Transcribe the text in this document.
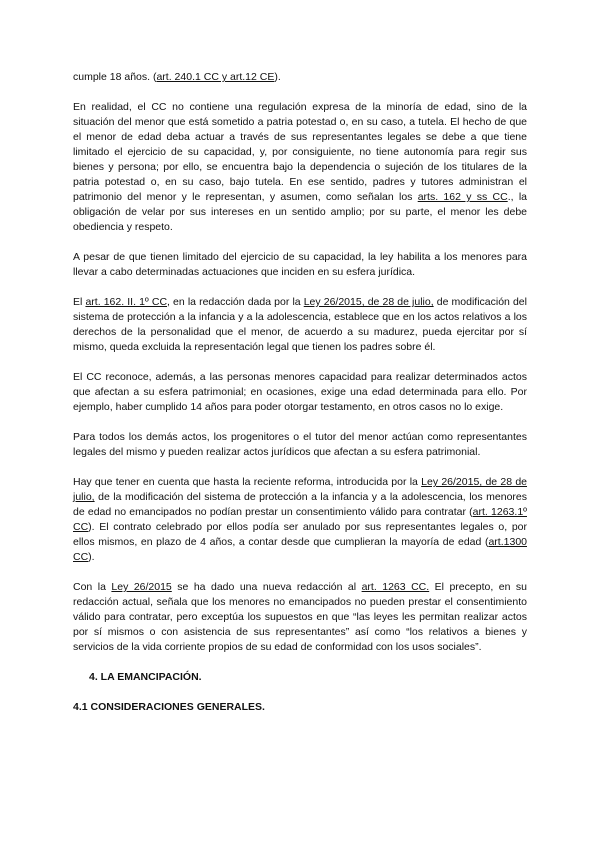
cumple 18 años. (art. 240.1 CC y art.12 CE).

En realidad, el CC no contiene una regulación expresa de la minoría de edad, sino de la situación del menor que está sometido a patria potestad o, en su caso, a tutela. El hecho de que el menor de edad deba actuar a través de sus representantes legales se debe a que tiene limitado el ejercicio de su capacidad, y, por consiguiente, no tiene autonomía para regir sus bienes y persona; por ello, se encuentra bajo la dependencia o sujeción de los titulares de la patria potestad o, en su caso, bajo tutela. En ese sentido, padres y tutores administran el patrimonio del menor y le representan, y asumen, como señalan los arts. 162 y ss CC., la obligación de velar por sus intereses en un sentido amplio; por su parte, el menor les debe obediencia y respeto.

A pesar de que tienen limitado del ejercicio de su capacidad, la ley habilita a los menores para llevar a cabo determinadas actuaciones que inciden en su esfera jurídica.

El art. 162. II. 1º CC, en la redacción dada por la Ley 26/2015, de 28 de julio, de modificación del sistema de protección a la infancia y a la adolescencia, establece que en los actos relativos a los derechos de la personalidad que el menor, de acuerdo a su madurez, pueda ejercitar por sí mismo, queda excluida la representación legal que tienen los padres sobre él.

El CC reconoce, además, a las personas menores capacidad para realizar determinados actos que afectan a su esfera patrimonial; en ocasiones, exige una edad determinada para ello. Por ejemplo, haber cumplido 14 años para poder otorgar testamento, en otros casos no lo exige.

Para todos los demás actos, los progenitores o el tutor del menor actúan como representantes legales del mismo y pueden realizar actos jurídicos que afectan a su esfera patrimonial.

Hay que tener en cuenta que hasta la reciente reforma, introducida por la Ley 26/2015, de 28 de julio, de la modificación del sistema de protección a la infancia y a la adolescencia, los menores de edad no emancipados no podían prestar un consentimiento válido para contratar (art. 1263.1º CC). El contrato celebrado por ellos podía ser anulado por sus representantes legales o, por ellos mismos, en plazo de 4 años, a contar desde que cumplieran la mayoría de edad (art.1300 CC).

Con la Ley 26/2015 se ha dado una nueva redacción al art. 1263 CC. El precepto, en su redacción actual, señala que los menores no emancipados no pueden prestar el consentimiento válido para contratar, pero exceptúa los supuestos en que “las leyes les permitan realizar actos por sí mismos o con asistencia de sus representantes” así como “los relativos a bienes y servicios de la vida corriente propios de su edad de conformidad con los usos sociales”.

4. LA EMANCIPACIÓN.

4.1 CONSIDERACIONES GENERALES.
